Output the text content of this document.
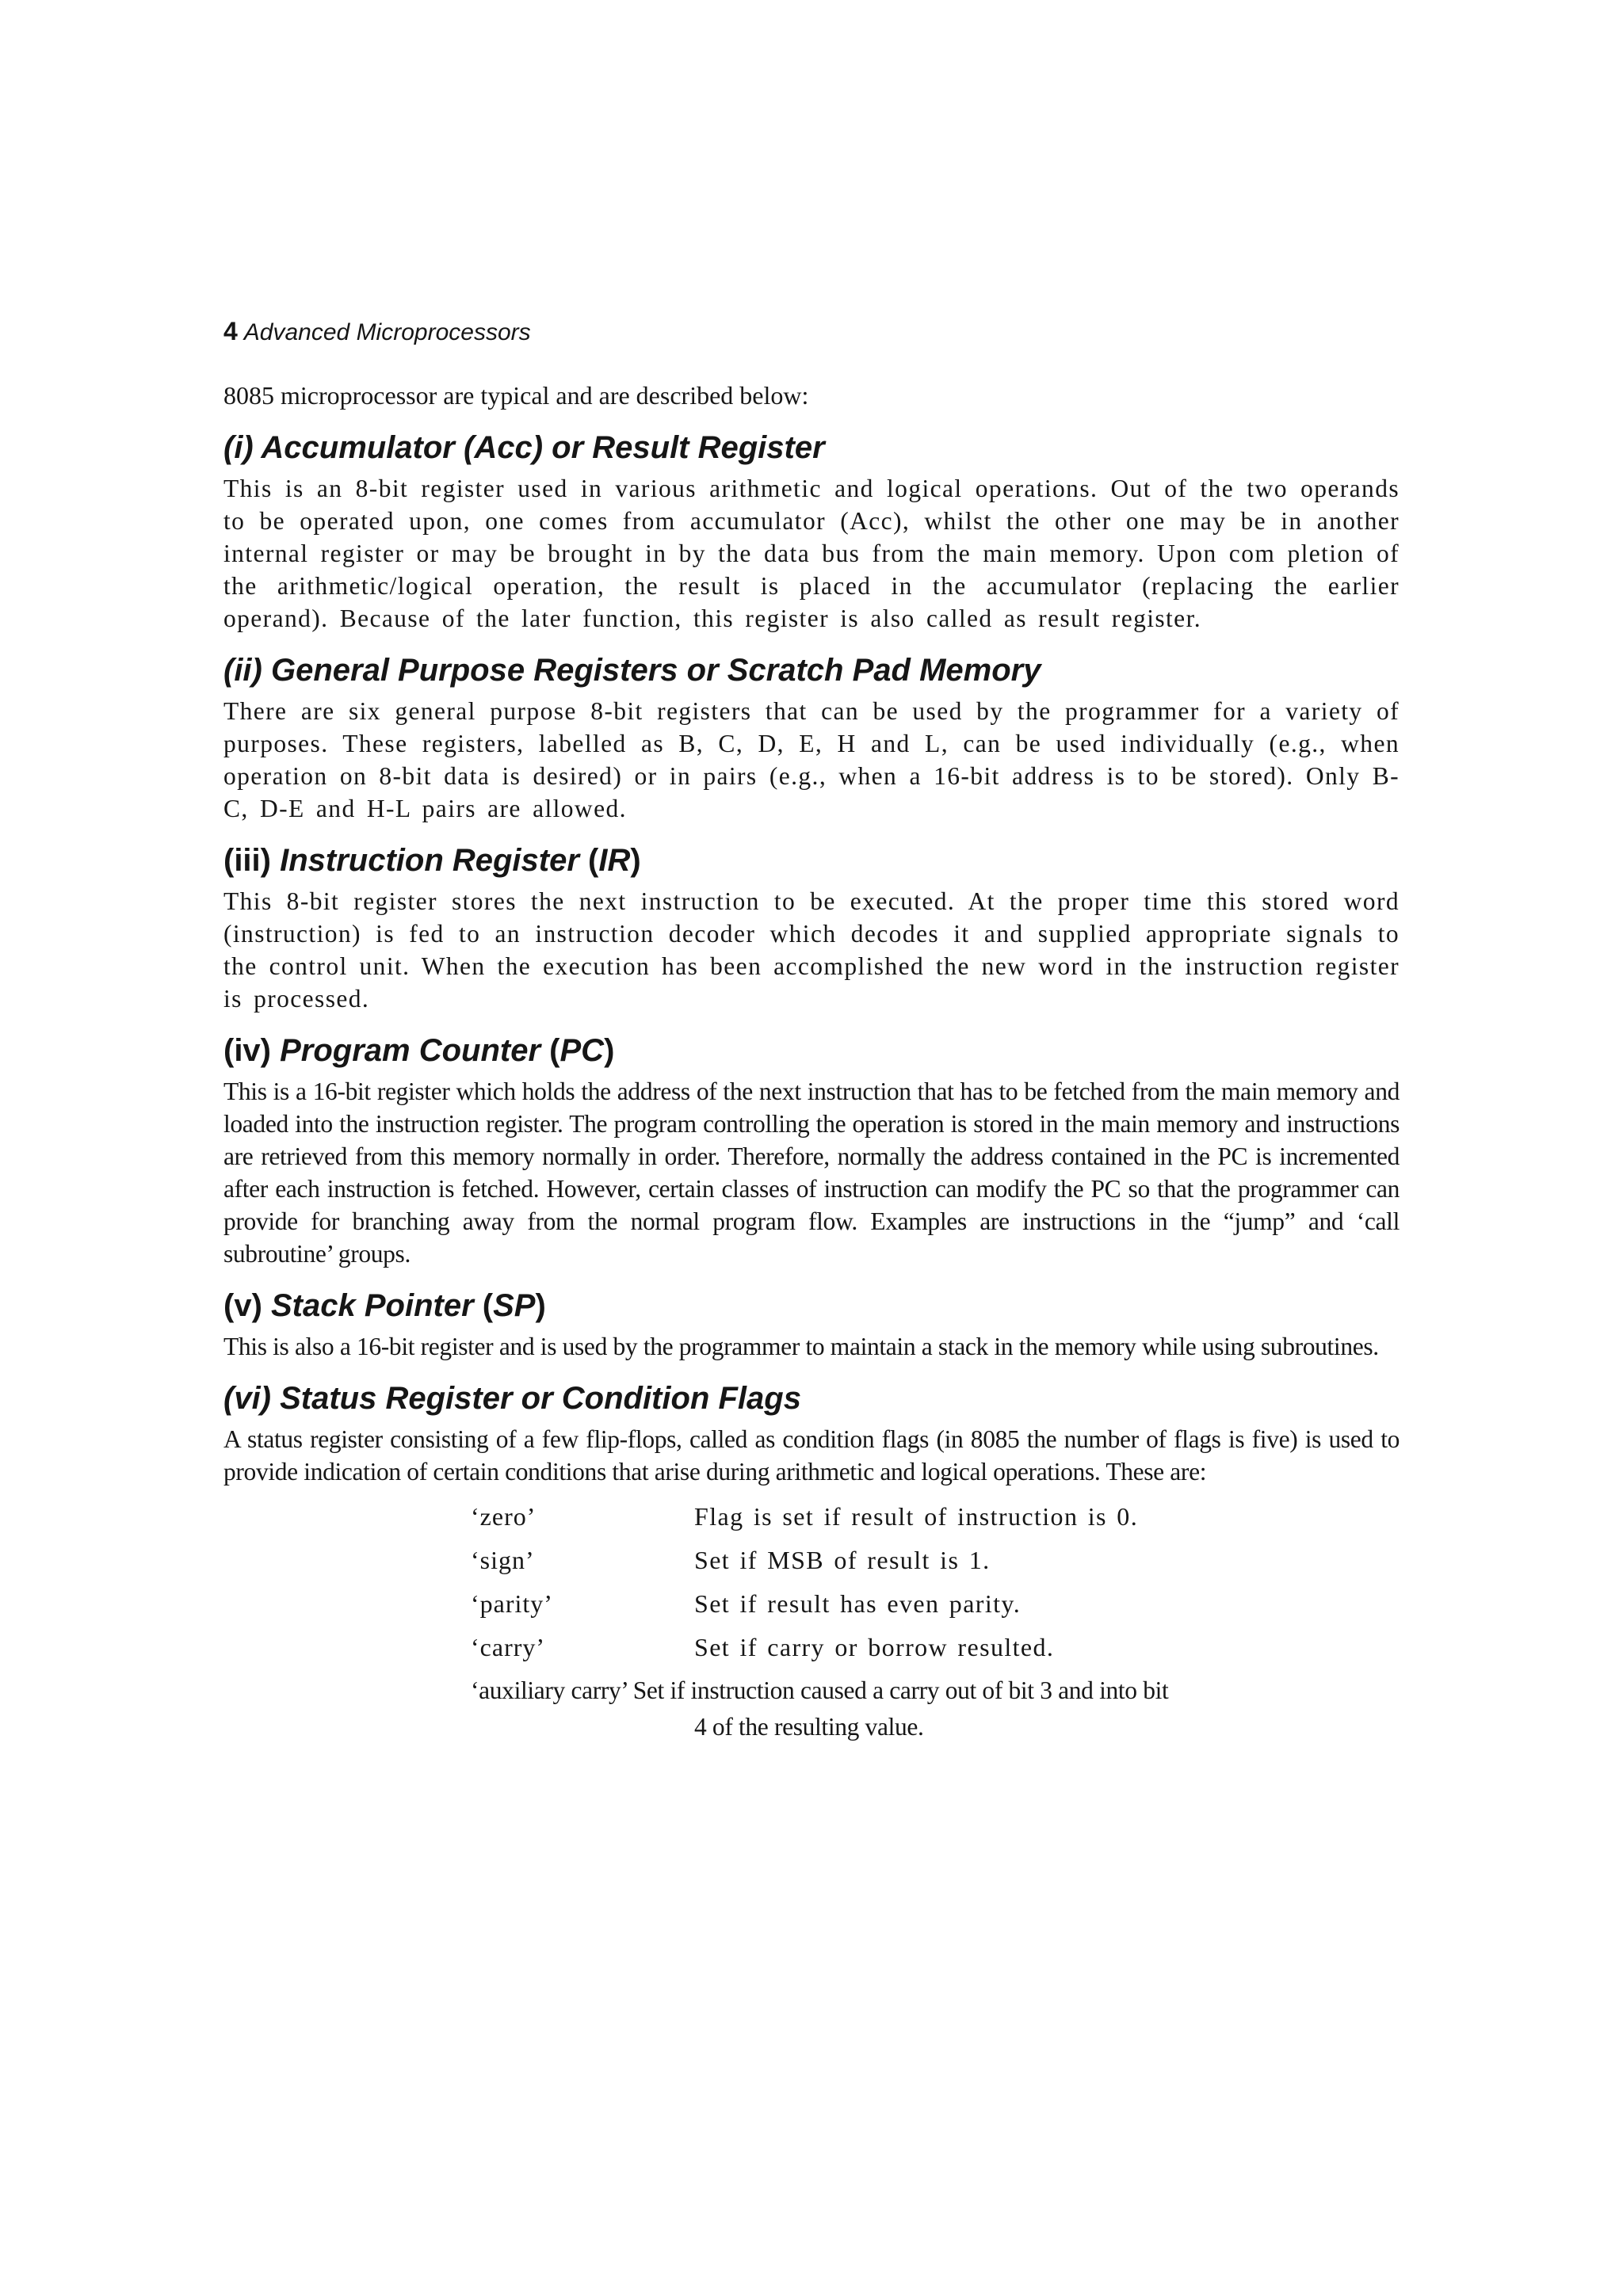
4 Advanced Microprocessors

8085 microprocessor are typical and are described below:

(i) Accumulator (Acc) or Result Register

This is an 8-bit register used in various arithmetic and logical operations. Out of the two operands to be operated upon, one comes from accumulator (Acc), whilst the other one may be in another internal register or may be brought in by the data bus from the main memory. Upon com pletion of the arithmetic/logical operation, the result is placed in the accumulator (replacing the earlier operand). Because of the later function, this register is also called as result register.

(ii) General Purpose Registers or Scratch Pad Memory

There are six general purpose 8-bit registers that can be used by the programmer for a variety of purposes. These registers, labelled as B, C, D, E, H and L, can be used individually (e.g., when operation on 8-bit data is desired) or in pairs (e.g., when a 16-bit address is to be stored). Only B-C, D-E and H-L pairs are allowed.

(iii) Instruction Register (IR)

This 8-bit register stores the next instruction to be executed. At the proper time this stored word (instruction) is fed to an instruction decoder which decodes it and supplied appropriate signals to the control unit. When the execution has been accomplished the new word in the instruction register is processed.

(iv) Program Counter (PC)

This is a 16-bit register which holds the address of the next instruction that has to be fetched from the main memory and loaded into the instruction register. The program controlling the operation is stored in the main memory and instructions are retrieved from this memory normally in order. Therefore, normally the address contained in the PC is incremented after each instruction is fetched. However, certain classes of instruction can modify the PC so that the programmer can provide for branching away from the normal program flow. Examples are instructions in the “jump” and ‘call subroutine’ groups.

(v) Stack Pointer (SP)

This is also a 16-bit register and is used by the programmer to maintain a stack in the memory while using subroutines.

(vi) Status Register or Condition Flags

A status register consisting of a few flip-flops, called as condition flags (in 8085 the number of flags is five) is used to provide indication of certain conditions that arise during arithmetic and logical operations. These are:

‘zero’	Flag is set if result of instruction is 0.
‘sign’	Set if MSB of result is 1.
‘parity’	Set if result has even parity.
‘carry’	Set if carry or borrow resulted.
‘auxiliary carry’ Set if instruction caused a carry out of bit 3 and into bit
4 of the resulting value.
